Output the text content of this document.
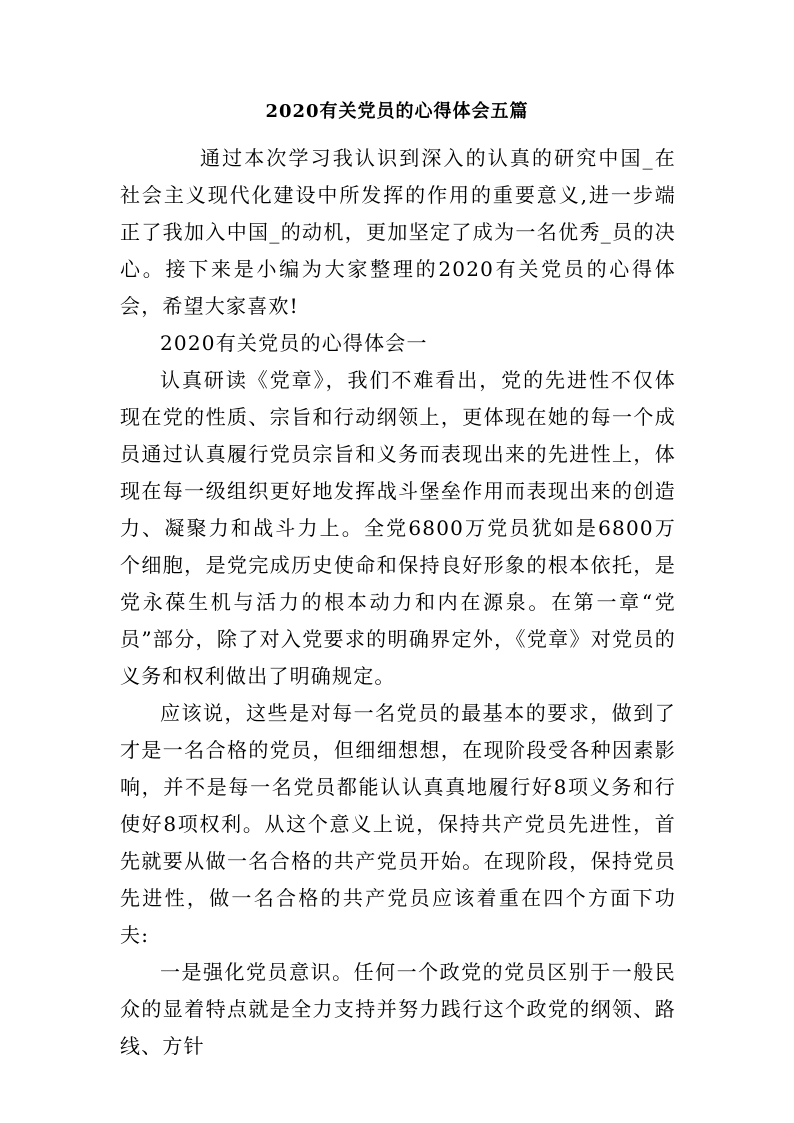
2020有关党员的心得体会五篇

通过本次学习我认识到深入的认真的研究中国_在社会主义现代化建设中所发挥的作用的重要意义,进一步端正了我加入中国_的动机，更加坚定了成为一名优秀_员的决心。接下来是小编为大家整理的2020有关党员的心得体会，希望大家喜欢!

2020有关党员的心得体会一

认真研读《党章》，我们不难看出，党的先进性不仅体现在党的性质、宗旨和行动纲领上，更体现在她的每一个成员通过认真履行党员宗旨和义务而表现出来的先进性上，体现在每一级组织更好地发挥战斗堡垒作用而表现出来的创造力、凝聚力和战斗力上。全党6800万党员犹如是6800万个细胞，是党完成历史使命和保持良好形象的根本依托，是党永葆生机与活力的根本动力和内在源泉。在第一章“党员”部分，除了对入党要求的明确界定外，《党章》对党员的义务和权利做出了明确规定。

应该说，这些是对每一名党员的最基本的要求，做到了才是一名合格的党员，但细细想想，在现阶段受各种因素影响，并不是每一名党员都能认认真真地履行好8项义务和行使好8项权利。从这个意义上说，保持共产党员先进性，首先就要从做一名合格的共产党员开始。在现阶段，保持党员先进性，做一名合格的共产党员应该着重在四个方面下功夫:

一是强化党员意识。任何一个政党的党员区别于一般民众的显着特点就是全力支持并努力践行这个政党的纲领、路线、方针
